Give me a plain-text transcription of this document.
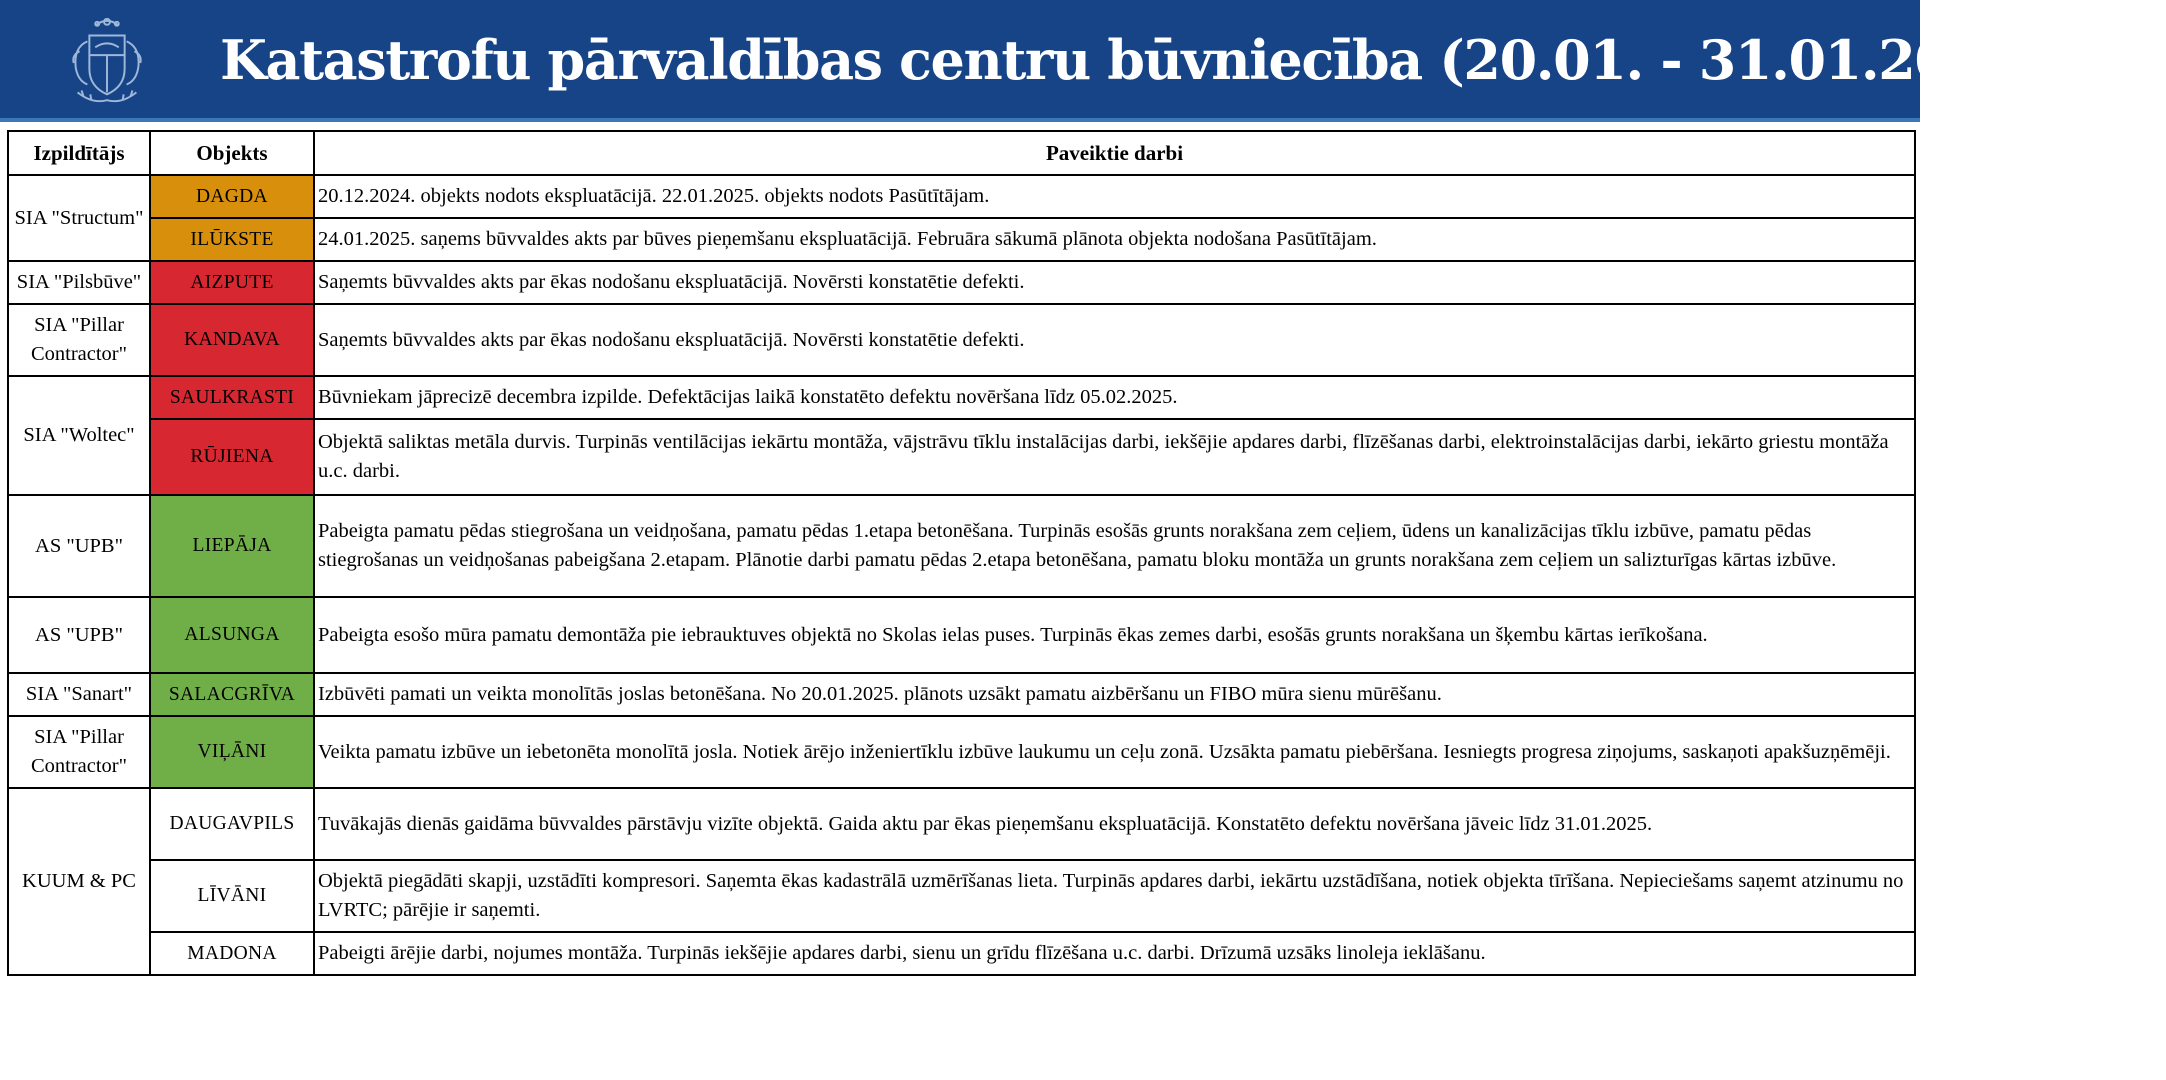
Katastrofu pārvaldības centru būvniecība (20.01. - 31.01.2025.) (1)
Izpildītājs	Objekts	Paveiktie darbi
SIA "Structum"	DAGDA	20.12.2024. objekts nodots ekspluatācijā. 22.01.2025. objekts nodots Pasūtītājam.
	ILŪKSTE	24.01.2025. saņems būvvaldes akts par būves pieņemšanu ekspluatācijā. Februāra sākumā plānota objekta nodošana Pasūtītājam.
SIA "Pilsbūve"	AIZPUTE	Saņemts būvvaldes akts par ēkas nodošanu ekspluatācijā. Novērsti konstatētie defekti.
SIA "Pillar Contractor"	KANDAVA	Saņemts būvvaldes akts par ēkas nodošanu ekspluatācijā. Novērsti konstatētie defekti.
SIA "Woltec"	SAULKRASTI	Būvniekam jāprecizē decembra izpilde. Defektācijas laikā konstatēto defektu novēršana līdz 05.02.2025.
	RŪJIENA	Objektā saliktas metāla durvis. Turpinās ventilācijas iekārtu montāža, vājstrāvu tīklu instalācijas darbi, iekšējie apdares darbi, flīzēšanas darbi, elektroinstalācijas darbi, iekārto griestu montāža u.c. darbi.
AS "UPB"	LIEPĀJA	Pabeigta pamatu pēdas stiegrošana un veidņošana, pamatu pēdas 1.etapa betonēšana. Turpinās esošās grunts norakšana zem ceļiem, ūdens un kanalizācijas tīklu izbūve, pamatu pēdas stiegrošanas un veidņošanas pabeigšana 2.etapam. Plānotie darbi pamatu pēdas 2.etapa betonēšana, pamatu bloku montāža un grunts norakšana zem ceļiem un salizturīgas kārtas izbūve.
AS "UPB"	ALSUNGA	Pabeigta esošo mūra pamatu demontāža pie iebrauktuves objektā no Skolas ielas puses. Turpinās ēkas zemes darbi, esošās grunts norakšana un šķembu kārtas ierīkošana.
SIA "Sanart"	SALACGRĪVA	Izbūvēti pamati un veikta monolītās joslas betonēšana. No 20.01.2025. plānots uzsākt pamatu aizbēršanu un FIBO mūra sienu mūrēšanu.
SIA "Pillar Contractor"	VIĻĀNI	Veikta pamatu izbūve un iebetonēta monolītā josla. Notiek ārējo inženiertīklu izbūve laukumu un ceļu zonā. Uzsākta pamatu piebēršana. Iesniegts progresa ziņojums, saskaņoti apakšuzņēmēji.
KUUM & PC	DAUGAVPILS	Tuvākajās dienās gaidāma būvvaldes pārstāvju vizīte objektā. Gaida aktu par ēkas pieņemšanu ekspluatācijā. Konstatēto defektu novēršana jāveic līdz 31.01.2025.
	LĪVĀNI	Objektā piegādāti skapji, uzstādīti kompresori. Saņemta ēkas kadastrālā uzmērīšanas lieta. Turpinās apdares darbi, iekārtu uzstādīšana, notiek objekta tīrīšana. Nepieciešams saņemt atzinumu no LVRTC; pārējie ir saņemti.
	MADONA	Pabeigti ārējie darbi, nojumes montāža. Turpinās iekšējie apdares darbi, sienu un grīdu flīzēšana u.c. darbi. Drīzumā uzsāks linoleja ieklāšanu.
